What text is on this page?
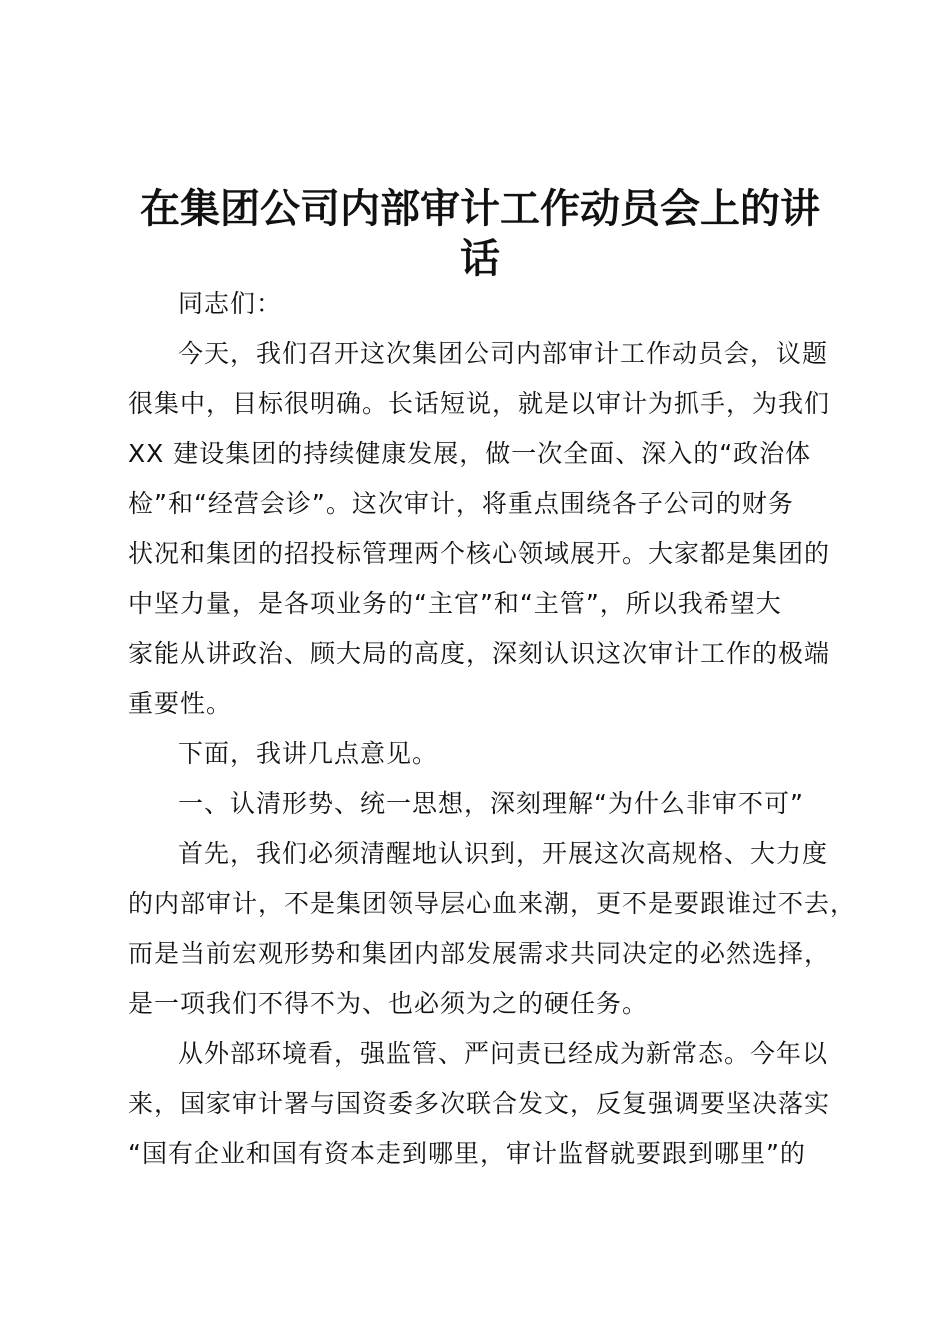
在集团公司内部审计工作动员会上的讲
话
同志们：
今天，我们召开这次集团公司内部审计工作动员会，议题
很集中，目标很明确。长话短说，就是以审计为抓手，为我们
XX 建设集团的持续健康发展，做一次全面、深入的“政治体
检”和“经营会诊”。这次审计，将重点围绕各子公司的财务
状况和集团的招投标管理两个核心领域展开。大家都是集团的
中坚力量，是各项业务的“主官”和“主管”，所以我希望大
家能从讲政治、顾大局的高度，深刻认识这次审计工作的极端
重要性。
下面，我讲几点意见。
一、认清形势、统一思想，深刻理解“为什么非审不可”
首先，我们必须清醒地认识到，开展这次高规格、大力度
的内部审计，不是集团领导层心血来潮，更不是要跟谁过不去，
而是当前宏观形势和集团内部发展需求共同决定的必然选择，
是一项我们不得不为、也必须为之的硬任务。
从外部环境看，强监管、严问责已经成为新常态。今年以
来，国家审计署与国资委多次联合发文，反复强调要坚决落实
“国有企业和国有资本走到哪里，审计监督就要跟到哪里”的
